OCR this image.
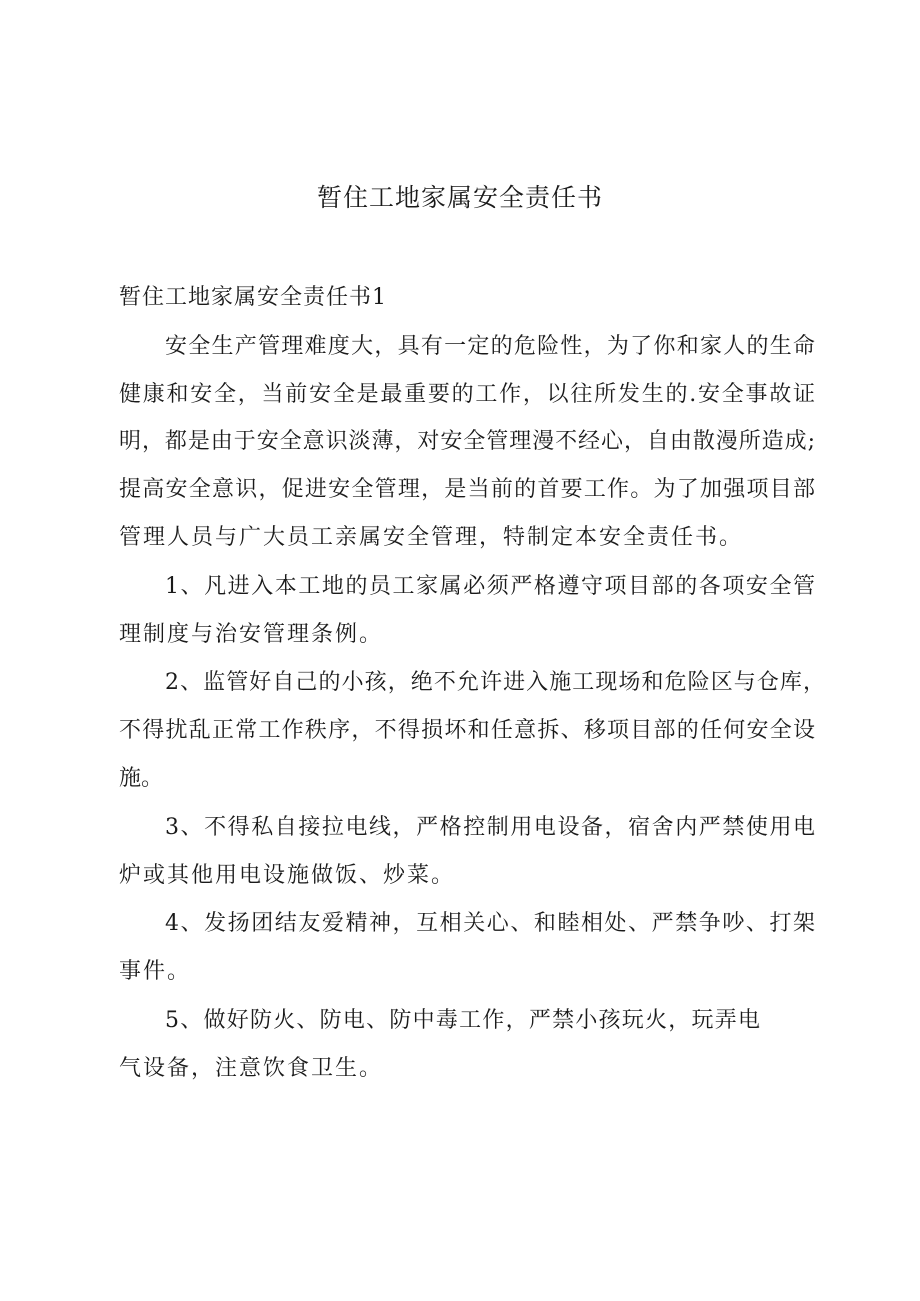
暂住工地家属安全责任书
暂住工地家属安全责任书1
安全生产管理难度大，具有一定的危险性，为了你和家人的生命
健康和安全，当前安全是最重要的工作，以往所发生的.安全事故证
明，都是由于安全意识淡薄，对安全管理漫不经心，自由散漫所造成;
提高安全意识，促进安全管理，是当前的首要工作。为了加强项目部
管理人员与广大员工亲属安全管理，特制定本安全责任书。
1、凡进入本工地的员工家属必须严格遵守项目部的各项安全管
理制度与治安管理条例。
2、监管好自己的小孩，绝不允许进入施工现场和危险区与仓库，
不得扰乱正常工作秩序，不得损坏和任意拆、移项目部的任何安全设
施。
3、不得私自接拉电线，严格控制用电设备，宿舍内严禁使用电
炉或其他用电设施做饭、炒菜。
4、发扬团结友爱精神，互相关心、和睦相处、严禁争吵、打架
事件。
5、做好防火、防电、防中毒工作，严禁小孩玩火，玩弄电
气设备，注意饮食卫生。
